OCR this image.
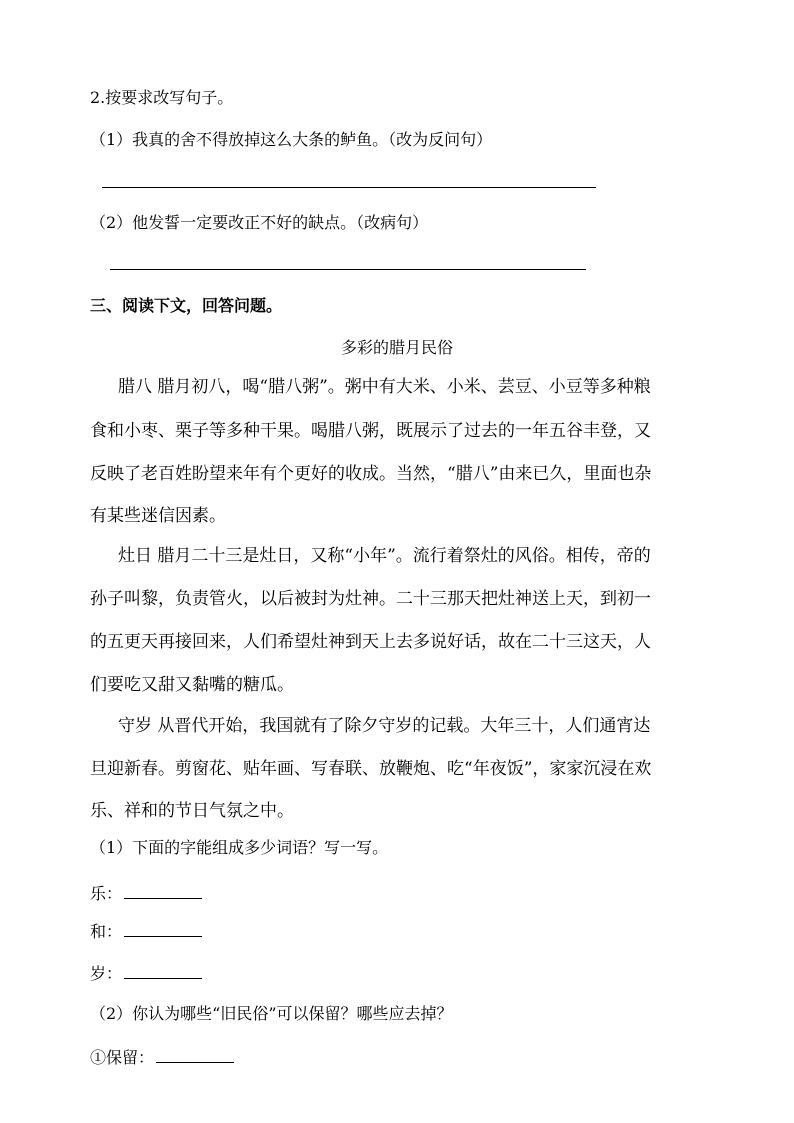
2.按要求改写句子。
（1）我真的舍不得放掉这么大条的鲈鱼。（改为反问句）
（2）他发誓一定要改正不好的缺点。（改病句）
三、阅读下文，回答问题。
多彩的腊月民俗
腊八 腊月初八，喝“腊八粥”。粥中有大米、小米、芸豆、小豆等多种粮
食和小枣、栗子等多种干果。喝腊八粥，既展示了过去的一年五谷丰登，又
反映了老百姓盼望来年有个更好的收成。当然，“腊八”由来已久，里面也杂
有某些迷信因素。
灶日 腊月二十三是灶日，又称“小年”。流行着祭灶的风俗。相传，帝的
孙子叫黎，负责管火，以后被封为灶神。二十三那天把灶神送上天，到初一
的五更天再接回来，人们希望灶神到天上去多说好话，故在二十三这天，人
们要吃又甜又黏嘴的糖瓜。
守岁 从晋代开始，我国就有了除夕守岁的记载。大年三十，人们通宵达
旦迎新春。剪窗花、贴年画、写春联、放鞭炮、吃“年夜饭”，家家沉浸在欢
乐、祥和的节日气氛之中。
（1）下面的字能组成多少词语？写一写。
乐：
和：
岁：
（2）你认为哪些“旧民俗”可以保留？哪些应去掉？
①保留：
